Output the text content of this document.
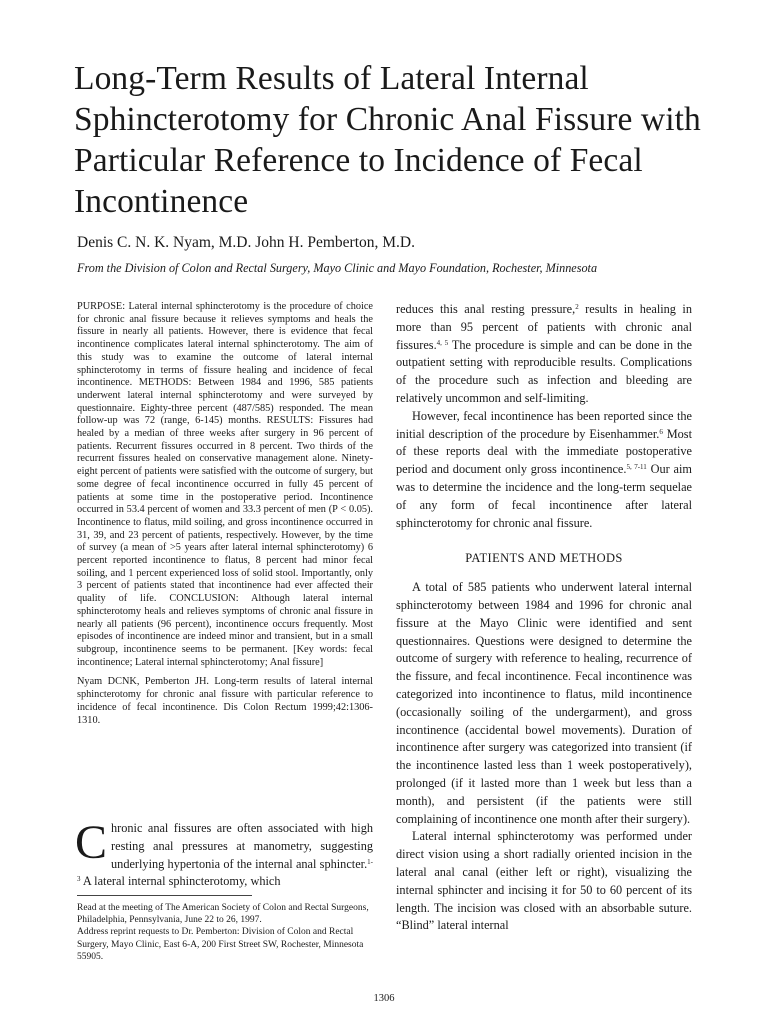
Long-Term Results of Lateral Internal Sphincterotomy for Chronic Anal Fissure with Particular Reference to Incidence of Fecal Incontinence
Denis C. N. K. Nyam, M.D. John H. Pemberton, M.D.
From the Division of Colon and Rectal Surgery, Mayo Clinic and Mayo Foundation, Rochester, Minnesota

PURPOSE: Lateral internal sphincterotomy is the procedure of choice for chronic anal fissure because it relieves symptoms and heals the fissure in nearly all patients. However, there is evidence that fecal incontinence complicates lateral internal sphincterotomy. The aim of this study was to examine the outcome of lateral internal sphincterotomy in terms of fissure healing and incidence of fecal incontinence. METHODS: Between 1984 and 1996, 585 patients underwent lateral internal sphincterotomy and were surveyed by questionnaire. Eighty-three percent (487/585) responded. The mean follow-up was 72 (range, 6-145) months. RESULTS: Fissures had healed by a median of three weeks after surgery in 96 percent of patients. Recurrent fissures occurred in 8 percent. Two thirds of the recurrent fissures healed on conservative management alone. Ninety-eight percent of patients were satisfied with the outcome of surgery, but some degree of fecal incontinence occurred in fully 45 percent of patients at some time in the postoperative period. Incontinence occurred in 53.4 percent of women and 33.3 percent of men (P < 0.05). Incontinence to flatus, mild soiling, and gross incontinence occurred in 31, 39, and 23 percent of patients, respectively. However, by the time of survey (a mean of >5 years after lateral internal sphincterotomy) 6 percent reported incontinence to flatus, 8 percent had minor fecal soiling, and 1 percent experienced loss of solid stool. Importantly, only 3 percent of patients stated that incontinence had ever affected their quality of life. CONCLUSION: Although lateral internal sphincterotomy heals and relieves symptoms of chronic anal fissure in nearly all patients (96 percent), incontinence occurs frequently. Most episodes of incontinence are indeed minor and transient, but in a small subgroup, incontinence seems to be permanent. [Key words: fecal incontinence; Lateral internal sphincterotomy; Anal fissure]

Nyam DCNK, Pemberton JH. Long-term results of lateral internal sphincterotomy for chronic anal fissure with particular reference to incidence of fecal incontinence. Dis Colon Rectum 1999;42:1306-1310.

Chronic anal fissures are often associated with high resting anal pressures at manometry, suggesting underlying hypertonia of the internal anal sphincter.$^{1-3}$ A lateral internal sphincterotomy, which

Read at the meeting of The American Society of Colon and Rectal Surgeons, Philadelphia, Pennsylvania, June 22 to 26, 1997.

Address reprint requests to Dr. Pemberton: Division of Colon and Rectal Surgery, Mayo Clinic, East 6-A, 200 First Street SW, Rochester, Minnesota 55905.

reduces this anal resting pressure,$^2$ results in healing in more than 95 percent of patients with chronic anal fissures.$^{4, 5}$ The procedure is simple and can be done in the outpatient setting with reproducible results. Complications of the procedure such as infection and bleeding are relatively uncommon and self-limiting.

However, fecal incontinence has been reported since the initial description of the procedure by Eisenhammer.$^6$ Most of these reports deal with the immediate postoperative period and document only gross incontinence.$^{5, 7-11}$ Our aim was to determine the incidence and the long-term sequelae of any form of fecal incontinence after lateral sphincterotomy for chronic anal fissure.

PATIENTS AND METHODS

A total of 585 patients who underwent lateral internal sphincterotomy between 1984 and 1996 for chronic anal fissure at the Mayo Clinic were identified and sent questionnaires. Questions were designed to determine the outcome of surgery with reference to healing, recurrence of the fissure, and fecal incontinence. Fecal incontinence was categorized into incontinence to flatus, mild incontinence (occasionally soiling of the undergarment), and gross incontinence (accidental bowel movements). Duration of incontinence after surgery was categorized into transient (if the incontinence lasted less than 1 week postoperatively), prolonged (if it lasted more than 1 week but less than a month), and persistent (if the patients were still complaining of incontinence one month after their surgery).

Lateral internal sphincterotomy was performed under direct vision using a short radially oriented incision in the lateral anal canal (either left or right), visualizing the internal sphincter and incising it for 50 to 60 percent of its length. The incision was closed with an absorbable suture. “Blind” lateral internal

1306
